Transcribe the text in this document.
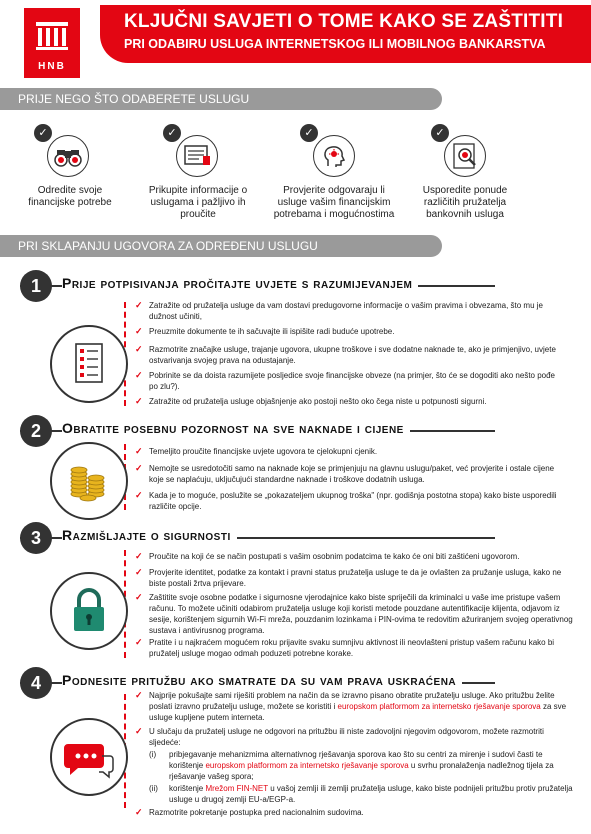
HNB
KLJUČNI SAVJETI O TOME KAKO SE ZAŠTITITI
PRI ODABIRU USLUGA INTERNETSKOG ILI MOBILNOG BANKARSTVA
PRIJE NEGO ŠTO ODABERETE USLUGU
✓
Odredite svoje
financijske potrebe
✓
Prikupite informacije o
uslugama i pažljivo ih
proučite
✓
Provjerite odgovaraju li
usluge vašim financijskim
potrebama i mogućnostima
✓
Usporedite ponude
različitih pružatelja
bankovnih usluga
PRI SKLAPANJU UGOVORA ZA ODREĐENU USLUGU
1	Prije potpisivanja pročitajte uvjete s razumijevanjem
✓ Zatražite od pružatelja usluge da vam dostavi predugovorne informacije o vašim pravima i obvezama, što mu je
dužnost učiniti,
✓ Preuzmite dokumente te ih sačuvajte ili ispišite radi buduće upotrebe.
✓ Razmotrite značajke usluge, trajanje ugovora, ukupne troškove i sve dodatne naknade te, ako je primjenjivo, uvjete
ostvarivanja svojeg prava na odustajanje.
✓ Pobrinite se da doista razumijete posljedice svoje financijske obveze (na primjer, što će se dogoditi ako nešto pođe
po zlu?).
✓ Zatražite od pružatelja usluge objašnjenje ako postoji nešto oko čega niste u potpunosti sigurni.
2	Obratite posebnu pozornost na sve naknade i cijene
✓ Temeljito proučite financijske uvjete ugovora te cjelokupni cjenik.
✓ Nemojte se usredotočiti samo na naknade koje se primjenjuju na glavnu uslugu/paket, već provjerite i ostale cijene
koje se naplaćuju, uključujući standardne naknade i troškove dodatnih usluga.
✓ Kada je to moguće, poslužite se „pokazateljem ukupnog troška" (npr. godišnja postotna stopa) kako biste usporedili
različite opcije.
3	Razmišljajte o sigurnosti
✓ Proučite na koji će se način postupati s vašim osobnim podatcima te kako će oni biti zaštićeni ugovorom.
✓ Provjerite identitet, podatke za kontakt i pravni status pružatelja usluge te da je ovlašten za pružanje usluga, kako ne
biste postali žrtva prijevare.
✓ Zaštitite svoje osobne podatke i sigurnosne vjerodajnice kako biste spriječili da kriminalci u vaše ime pristupe vašem
računu. To možete učiniti odabirom pružatelja usluge koji koristi metode pouzdane autentifikacije klijenta, odjavom iz
sesije, korištenjem sigurnih Wi-Fi mreža, pouzdanim lozinkama i PIN-ovima te redovitim ažuriranjem svojeg operativnog
sustava i antivirusnog programa.
✓ Pratite i u najkraćem mogućem roku prijavite svaku sumnjivu aktivnost ili neovlašteni pristup vašem računu kako bi
pružatelj usluge mogao odmah poduzeti potrebne korake.
4	Podnesite pritužbu ako smatrate da su vam prava uskraćena
✓ Najprije pokušajte sami riješiti problem na način da se izravno pisano obratite pružatelju usluge. Ako pritužbu želite
poslati izravno pružatelju usluge, možete se koristiti i europskom platformom za internetsko rješavanje sporova za sve
usluge kupljene putem interneta.
✓ U slučaju da pružatelj usluge ne odgovori na pritužbu ili niste zadovoljni njegovim odgovorom, možete razmotriti
sljedeće:
(i) pribjegavanje mehanizmima alternativnog rješavanja sporova kao što su centri za mirenje i sudovi časti te
korištenje europskom platformom za internetsko rješavanje sporova u svrhu pronalaženja nadležnog tijela za
rješavanje vašeg spora;
(ii) korištenje Mrežom FIN-NET u vašoj zemlji ili zemlji pružatelja usluge, kako biste podnijeli pritužbu protiv pružatelja
usluge u drugoj zemlji EU-a/EGP-a.
✓ Razmotrite pokretanje postupka pred nacionalnim sudovima.
